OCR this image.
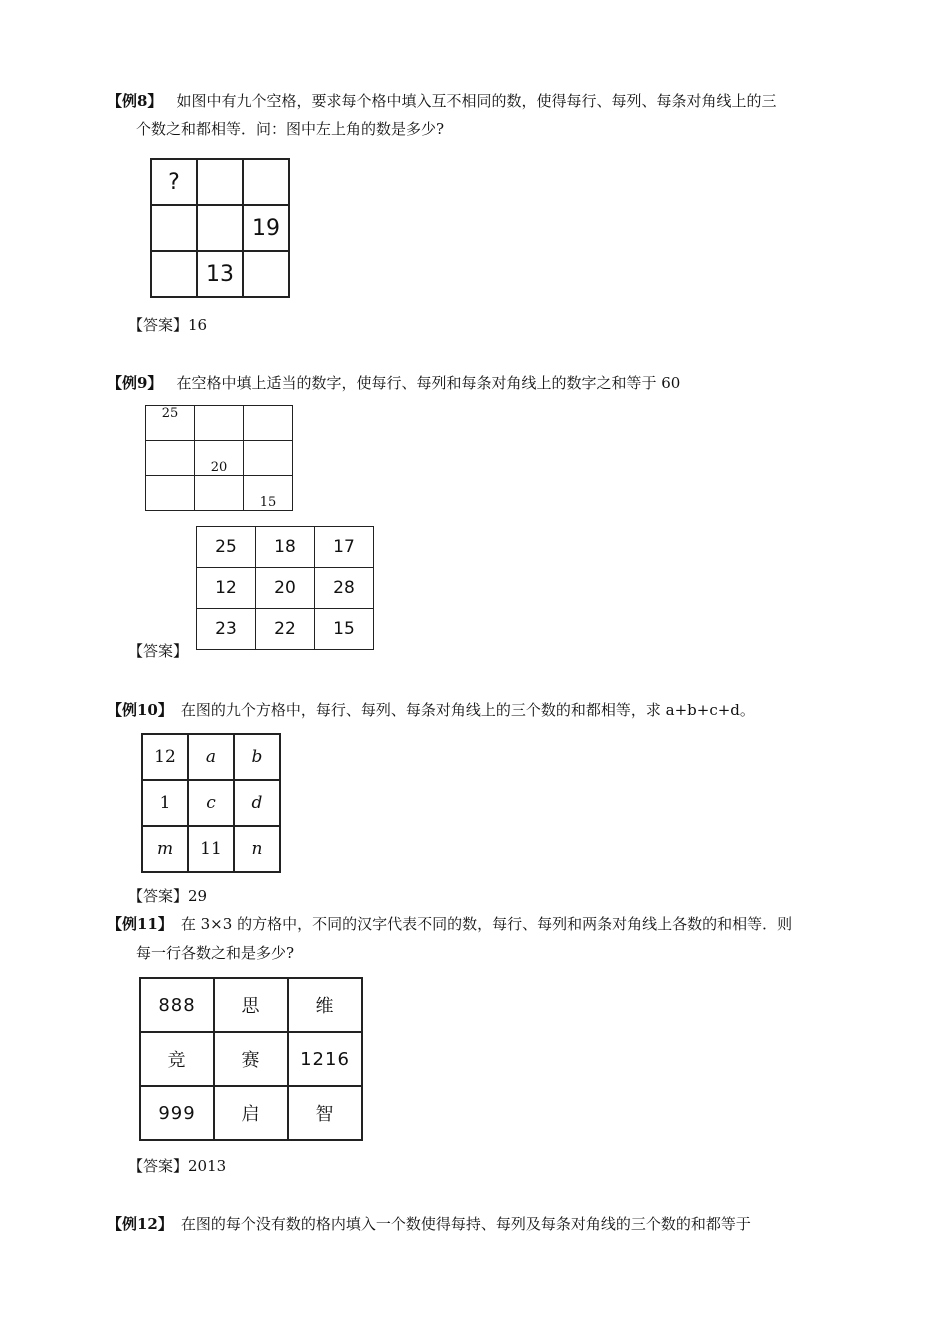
【例8】 如图中有九个空格，要求每个格中填入互不相同的数，使得每行、每列、每条对角线上的三
个数之和都相等．问：图中左上角的数是多少?
?		
		19
	13	
【答案】16
【例9】 在空格中填上适当的数字，使每行、每列和每条对角线上的数字之和等于 60
25		
	20	
		15
25	18	17
12	20	28
23	22	15
【答案】
【例10】 在图的九个方格中，每行、每列、每条对角线上的三个数的和都相等，求 a+b+c+d。
12	a	b
1	c	d
m	11	n
【答案】29
【例11】 在 3×3 的方格中，不同的汉字代表不同的数，每行、每列和两条对角线上各数的和相等．则
每一行各数之和是多少?
888	思	维
竞	赛	1216
999	启	智
【答案】2013
【例12】 在图的每个没有数的格内填入一个数使得每持、每列及每条对角线的三个数的和都等于
